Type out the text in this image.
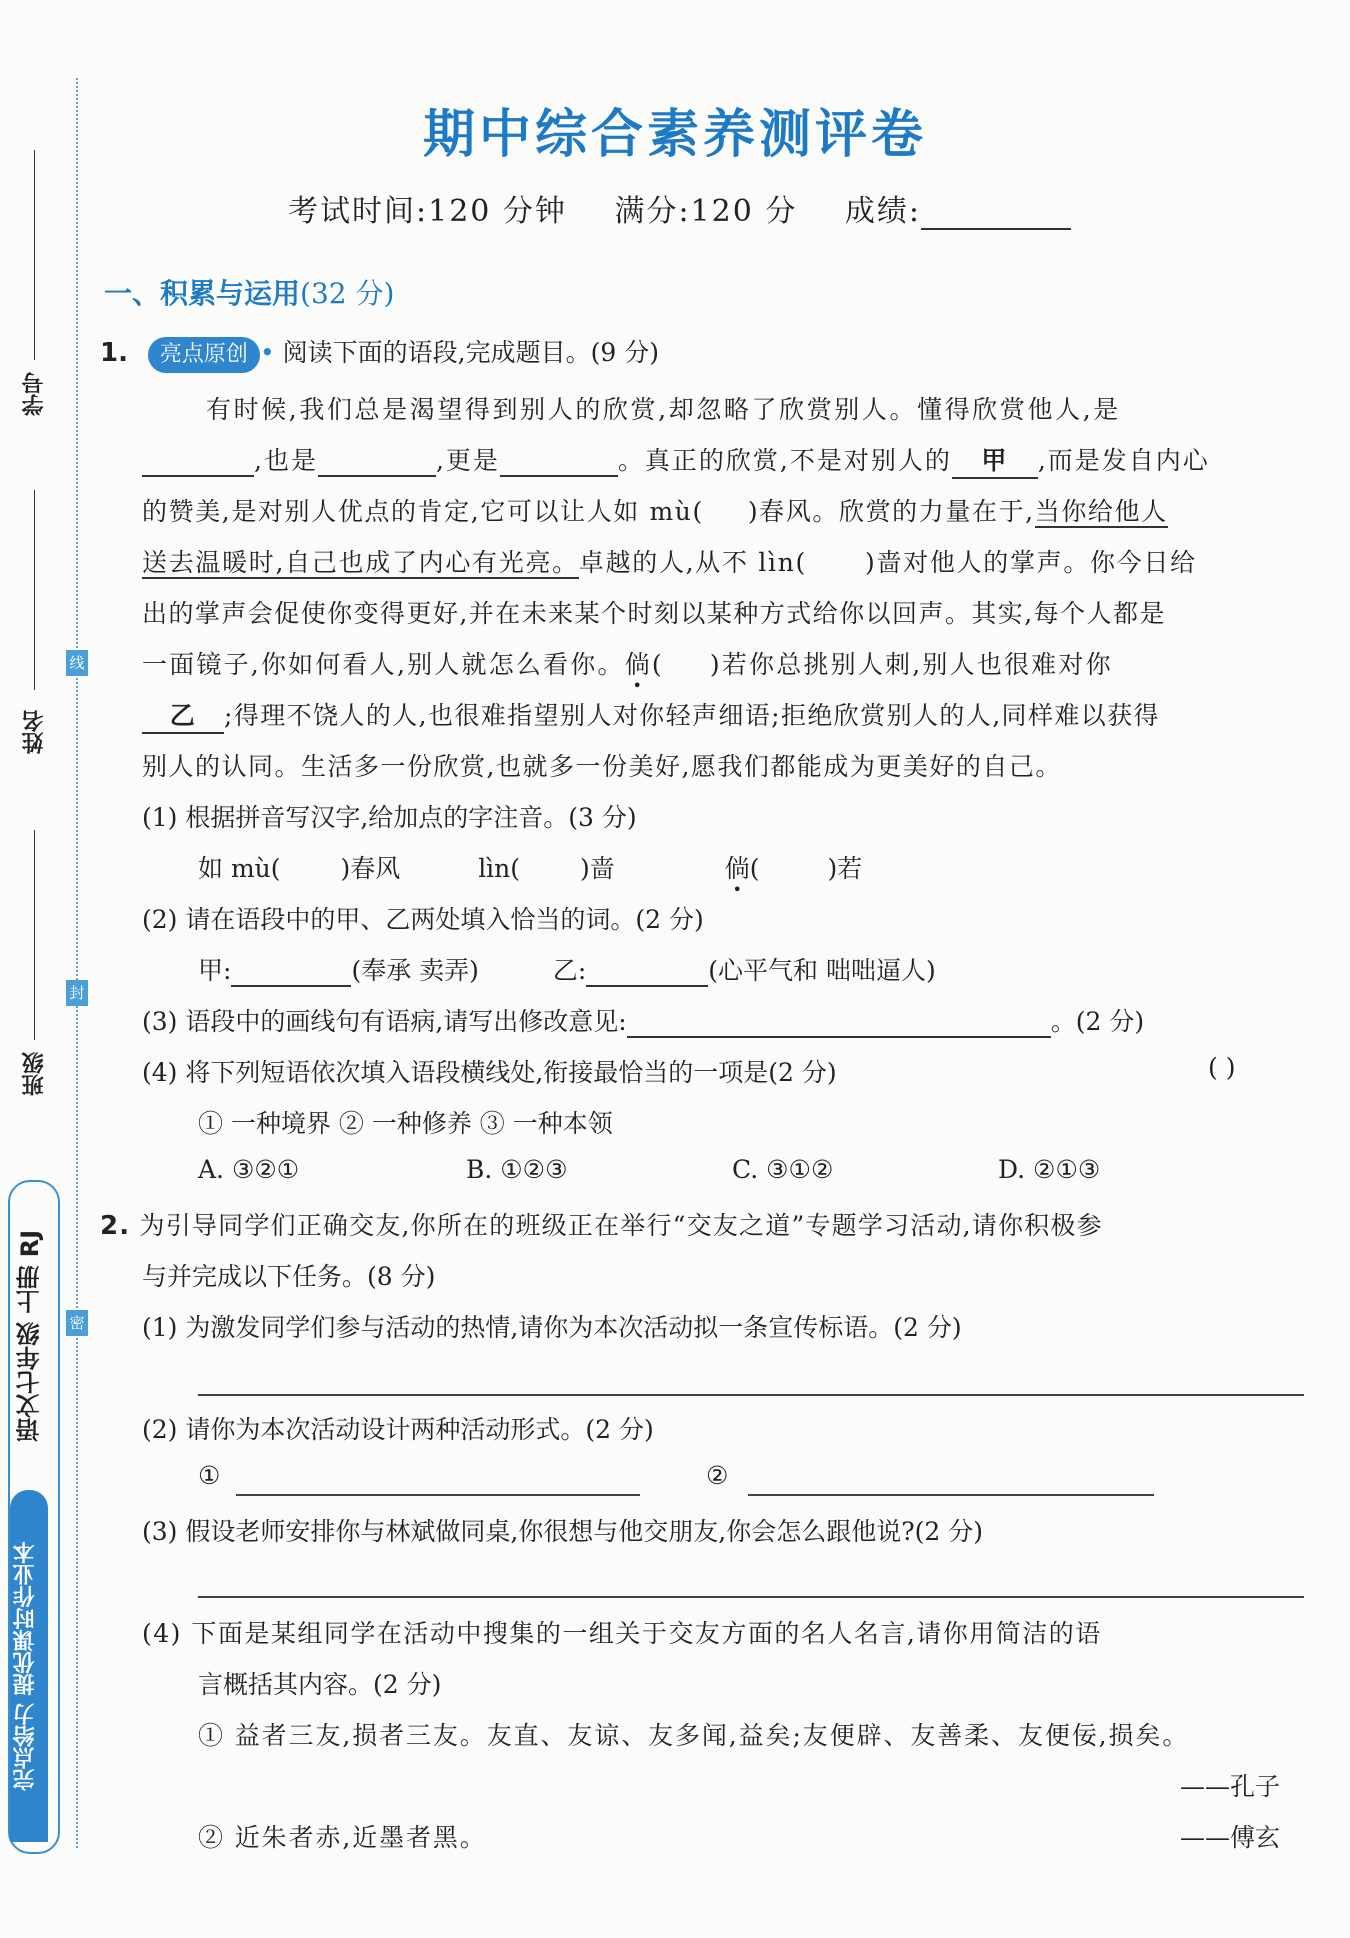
学号
姓名
班级
线
封
密
语文七年级 上册 RJ
完点给力 提优课时作业本
期中综合素养测评卷
考试时间:120 分钟 满分:120 分 成绩:
一、积累与运用(32 分)
1. 亮点原创 • 阅读下面的语段,完成题目。(9 分)
有时候,我们总是渴望得到别人的欣赏,却忽略了欣赏别人。懂得欣赏他人,是
,也是	,更是	。真正的欣赏,不是对别人的 甲 ,而是发自内心
的赞美,是对别人优点的肯定,它可以让人如 mù( )春风。欣赏的力量在于,当你给他人
送去温暖时,自己也成了内心有光亮。卓越的人,从不 lìn( )啬对他人的掌声。你今日给
出的掌声会促使你变得更好,并在未来某个时刻以某种方式给你以回声。其实,每个人都是
一面镜子,你如何看人,别人就怎么看你。倘( )若你总挑别人刺,别人也很难对你
乙 ;得理不饶人的人,也很难指望别人对你轻声细语;拒绝欣赏别人的人,同样难以获得
别人的认同。生活多一份欣赏,也就多一份美好,愿我们都能成为更美好的自己。
(1) 根据拼音写汉字,给加点的字注音。(3 分)
如 mù( )春风	lìn( )啬	倘(	)若
(2) 请在语段中的甲、乙两处填入恰当的词。(2 分)
甲:	(奉承 卖弄)	乙:	(心平气和 咄咄逼人)
(3) 语段中的画线句有语病,请写出修改意见:	。(2 分)
(4) 将下列短语依次填入语段横线处,衔接最恰当的一项是(2 分)	( )
① 一种境界 ② 一种修养 ③ 一种本领
A. ③②①	B. ①②③	C. ③①②	D. ②①③
2. 为引导同学们正确交友,你所在的班级正在举行“交友之道”专题学习活动,请你积极参
与并完成以下任务。(8 分)
(1) 为激发同学们参与活动的热情,请你为本次活动拟一条宣传标语。(2 分)
(2) 请你为本次活动设计两种活动形式。(2 分)
①	②
(3) 假设老师安排你与林斌做同桌,你很想与他交朋友,你会怎么跟他说?(2 分)
(4) 下面是某组同学在活动中搜集的一组关于交友方面的名人名言,请你用简洁的语
言概括其内容。(2 分)
① 益者三友,损者三友。友直、友谅、友多闻,益矣;友便辟、友善柔、友便佞,损矣。
——孔子
② 近朱者赤,近墨者黑。	——傅玄
